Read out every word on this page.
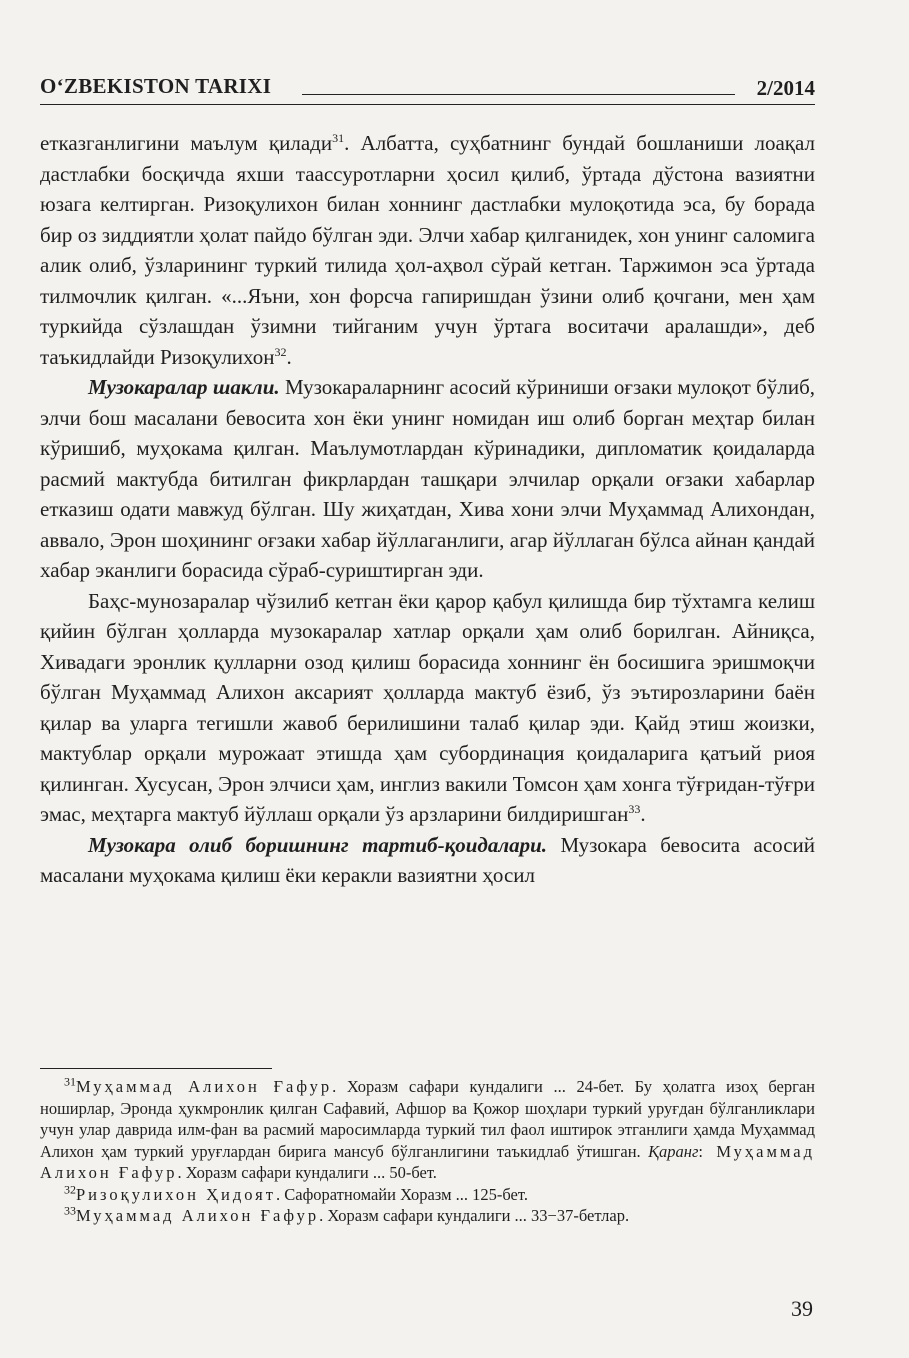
O‘ZBEKISTON TARIXI	2/2014

етказганлигини маълум қилади$^{31}$. Албатта, суҳбатнинг бундай бошланиши лоақал дастлабки босқичда яхши таассуротларни ҳосил қилиб, ўртада дўстона вазиятни юзага келтирган. Ризоқулихон билан хоннинг дастлабки мулоқотида эса, бу борада бир оз зиддиятли ҳолат пайдо бўлган эди. Элчи хабар қилганидек, хон унинг саломига алик олиб, ўзларининг туркий тилида ҳол-аҳвол сўрай кетган. Таржимон эса ўртада тилмочлик қилган. «...Яъни, хон форсча гапиришдан ўзини олиб қочгани, мен ҳам туркийда сўзлашдан ўзимни тийганим учун ўртага воситачи аралашди», деб таъкидлайди Ризоқулихон$^{32}$.

Музокаралар шакли. Музокараларнинг асосий кўриниши оғзаки мулоқот бўлиб, элчи бош масалани бевосита хон ёки унинг номидан иш олиб борган меҳтар билан кўришиб, муҳокама қилган. Маълумотлардан кўринадики, дипломатик қоидаларда расмий мактубда битилган фикрлардан ташқари элчилар орқали оғзаки хабарлар етказиш одати мавжуд бўлган. Шу жиҳатдан, Хива хони элчи Муҳаммад Алихондан, аввало, Эрон шоҳининг оғзаки хабар йўллаганлиги, агар йўллаган бўлса айнан қандай хабар эканлиги борасида сўраб-суриштирган эди.

Баҳс-мунозаралар чўзилиб кетган ёки қарор қабул қилишда бир тўхтамга келиш қийин бўлган ҳолларда музокаралар хатлар орқали ҳам олиб борилган. Айниқса, Хивадаги эронлик қулларни озод қилиш борасида хоннинг ён босишига эришмоқчи бўлган Муҳаммад Алихон аксарият ҳолларда мактуб ёзиб, ўз эътирозларини баён қилар ва уларга тегишли жавоб берилишини талаб қилар эди. Қайд этиш жоизки, мактублар орқали мурожаат этишда ҳам субординация қоидаларига қатъий риоя қилинган. Хусусан, Эрон элчиси ҳам, инглиз вакили Томсон ҳам хонга тўғридан-тўғри эмас, меҳтарга мактуб йўллаш орқали ўз арзларини билдиришган$^{33}$.

Музокара олиб боришнинг тартиб-қоидалари. Музокара бевосита асосий масалани муҳокама қилиш ёки керакли вазиятни ҳосил

$^{31}$Муҳаммад Алихон Ғафур. Хоразм сафари кундалиги ... 24-бет. Бу ҳолатга изоҳ берган ноширлар, Эронда ҳукмронлик қилган Сафавий, Афшор ва Қожор шоҳлари туркий уруғдан бўлганликлари учун улар даврида илм-фан ва расмий маросимларда туркий тил фаол иштирок этганлиги ҳамда Муҳаммад Алихон ҳам туркий уруғлардан бирига мансуб бўлганлигини таъкидлаб ўтишган. Қаранг: Муҳаммад Алихон Ғафур. Хоразм сафари кундалиги ... 50-бет.

$^{32}$Ризоқулихон Ҳидоят. Сафоратномайи Хоразм ... 125-бет.

$^{33}$Муҳаммад Алихон Ғафур. Хоразм сафари кундалиги ... 33−37-бетлар.

39
